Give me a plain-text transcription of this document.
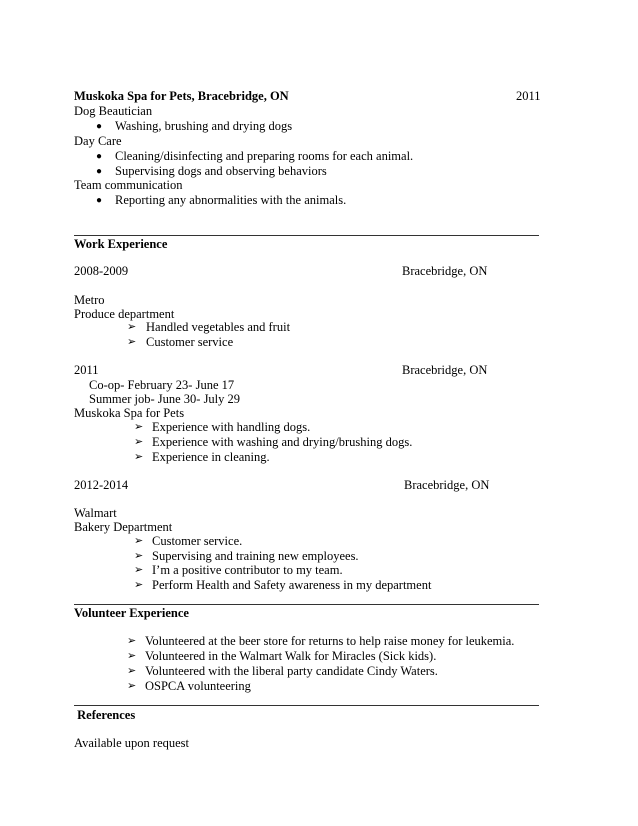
Muskoka Spa for Pets, Bracebridge, ON	2011
Dog Beautician
● Washing, brushing and drying dogs
Day Care
● Cleaning/disinfecting and preparing rooms for each animal.
● Supervising dogs and observing behaviors
Team communication
● Reporting any abnormalities with the animals.
Work Experience
2008-2009	Bracebridge, ON
Metro
Produce department
➢ Handled vegetables and fruit
➢ Customer service
2011	Bracebridge, ON
Co-op- February 23- June 17
Summer job- June 30- July 29
Muskoka Spa for Pets
➢ Experience with handling dogs.
➢ Experience with washing and drying/brushing dogs.
➢ Experience in cleaning.
2012-2014	Bracebridge, ON
Walmart
Bakery Department
➢ Customer service.
➢ Supervising and training new employees.
➢ I’m a positive contributor to my team.
➢ Perform Health and Safety awareness in my department
Volunteer Experience
➢ Volunteered at the beer store for returns to help raise money for leukemia.
➢ Volunteered in the Walmart Walk for Miracles (Sick kids).
➢ Volunteered with the liberal party candidate Cindy Waters.
➢ OSPCA volunteering
References
Available upon request
